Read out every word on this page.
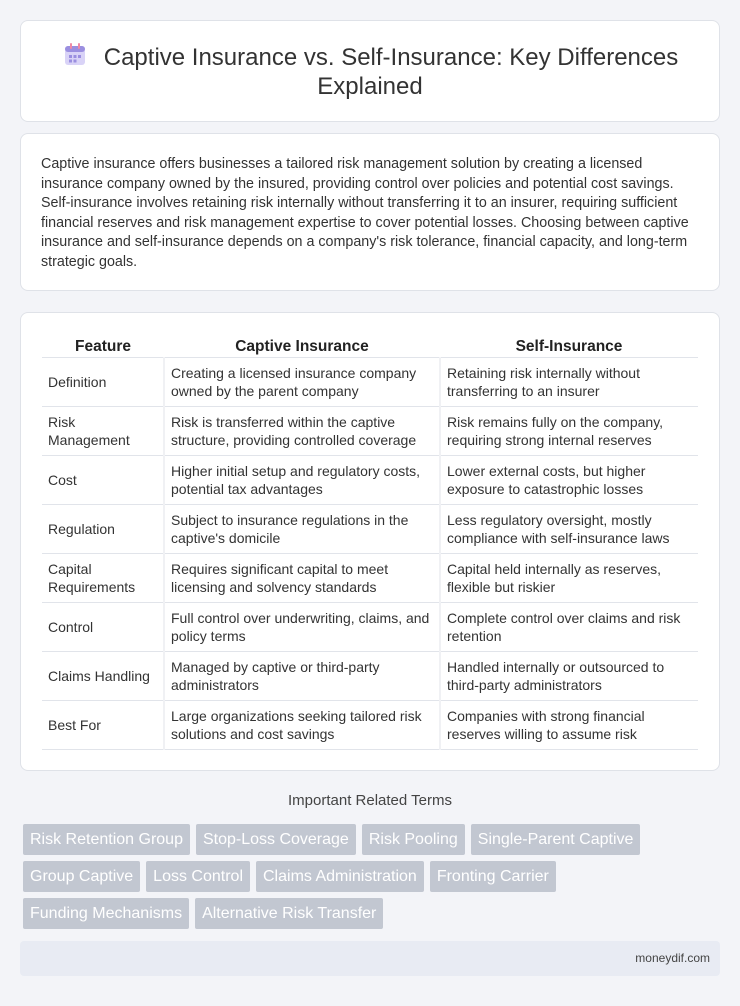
Captive Insurance vs. Self-Insurance: Key Differences Explained

Captive insurance offers businesses a tailored risk management solution by creating a licensed insurance company owned by the insured, providing control over policies and potential cost savings. Self-insurance involves retaining risk internally without transferring it to an insurer, requiring sufficient financial reserves and risk management expertise to cover potential losses. Choosing between captive insurance and self-insurance depends on a company's risk tolerance, financial capacity, and long-term strategic goals.

Feature	Captive Insurance	Self-Insurance
Definition	Creating a licensed insurance company owned by the parent company	Retaining risk internally without transferring to an insurer
Risk Management	Risk is transferred within the captive structure, providing controlled coverage	Risk remains fully on the company, requiring strong internal reserves
Cost	Higher initial setup and regulatory costs, potential tax advantages	Lower external costs, but higher exposure to catastrophic losses
Regulation	Subject to insurance regulations in the captive's domicile	Less regulatory oversight, mostly compliance with self-insurance laws
Capital Requirements	Requires significant capital to meet licensing and solvency standards	Capital held internally as reserves, flexible but riskier
Control	Full control over underwriting, claims, and policy terms	Complete control over claims and risk retention
Claims Handling	Managed by captive or third-party administrators	Handled internally or outsourced to third-party administrators
Best For	Large organizations seeking tailored risk solutions and cost savings	Companies with strong financial reserves willing to assume risk
Important Related Terms
Risk Retention Group	Stop-Loss Coverage	Risk Pooling	Single-Parent Captive
Group Captive	Loss Control	Claims Administration	Fronting Carrier
Funding Mechanisms	Alternative Risk Transfer
moneydif.com
